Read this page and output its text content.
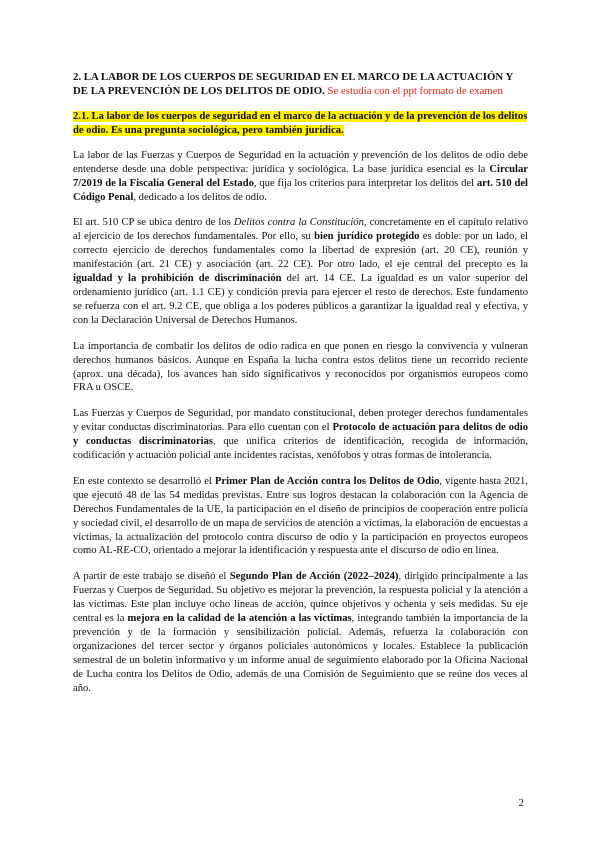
2. LA LABOR DE LOS CUERPOS DE SEGURIDAD EN EL MARCO DE LA ACTUACIÓN Y DE LA PREVENCIÓN DE LOS DELITOS DE ODIO. Se estudia con el ppt formato de examen
2.1. La labor de los cuerpos de seguridad en el marco de la actuación y de la prevención de los delitos de odio. Es una pregunta sociológica, pero también jurídica.

La labor de las Fuerzas y Cuerpos de Seguridad en la actuación y prevención de los delitos de odio debe entenderse desde una doble perspectiva: jurídica y sociológica. La base jurídica esencial es la Circular 7/2019 de la Fiscalía General del Estado, que fija los criterios para interpretar los delitos del art. 510 del Código Penal, dedicado a los delitos de odio.

El art. 510 CP se ubica dentro de los Delitos contra la Constitución, concretamente en el capítulo relativo al ejercicio de los derechos fundamentales. Por ello, su bien jurídico protegido es doble: por un lado, el correcto ejercicio de derechos fundamentales como la libertad de expresión (art. 20 CE), reunión y manifestación (art. 21 CE) y asociación (art. 22 CE). Por otro lado, el eje central del precepto es la igualdad y la prohibición de discriminación del art. 14 CE. La igualdad es un valor superior del ordenamiento jurídico (art. 1.1 CE) y condición previa para ejercer el resto de derechos. Este fundamento se refuerza con el art. 9.2 CE, que obliga a los poderes públicos a garantizar la igualdad real y efectiva, y con la Declaración Universal de Derechos Humanos.

La importancia de combatir los delitos de odio radica en que ponen en riesgo la convivencia y vulneran derechos humanos básicos. Aunque en España la lucha contra estos delitos tiene un recorrido reciente (aprox. una década), los avances han sido significativos y reconocidos por organismos europeos como FRA u OSCE.

Las Fuerzas y Cuerpos de Seguridad, por mandato constitucional, deben proteger derechos fundamentales y evitar conductas discriminatorias. Para ello cuentan con el Protocolo de actuación para delitos de odio y conductas discriminatorias, que unifica criterios de identificación, recogida de información, codificación y actuación policial ante incidentes racistas, xenófobos y otras formas de intolerancia.

En este contexto se desarrolló el Primer Plan de Acción contra los Delitos de Odio, vigente hasta 2021, que ejecutó 48 de las 54 medidas previstas. Entre sus logros destacan la colaboración con la Agencia de Derechos Fundamentales de la UE, la participación en el diseño de principios de cooperación entre policía y sociedad civil, el desarrollo de un mapa de servicios de atención a víctimas, la elaboración de encuestas a víctimas, la actualización del protocolo contra discurso de odio y la participación en proyectos europeos como AL-RE-CO, orientado a mejorar la identificación y respuesta ante el discurso de odio en línea.

A partir de este trabajo se diseñó el Segundo Plan de Acción (2022–2024), dirigido principalmente a las Fuerzas y Cuerpos de Seguridad. Su objetivo es mejorar la prevención, la respuesta policial y la atención a las víctimas. Este plan incluye ocho líneas de acción, quince objetivos y ochenta y seis medidas. Su eje central es la mejora en la calidad de la atención a las víctimas, integrando también la importancia de la prevención y de la formación y sensibilización policial. Además, refuerza la colaboración con organizaciones del tercer sector y órganos policiales autonómicos y locales. Establece la publicación semestral de un boletín informativo y un informe anual de seguimiento elaborado por la Oficina Nacional de Lucha contra los Delitos de Odio, además de una Comisión de Seguimiento que se reúne dos veces al año.

2
